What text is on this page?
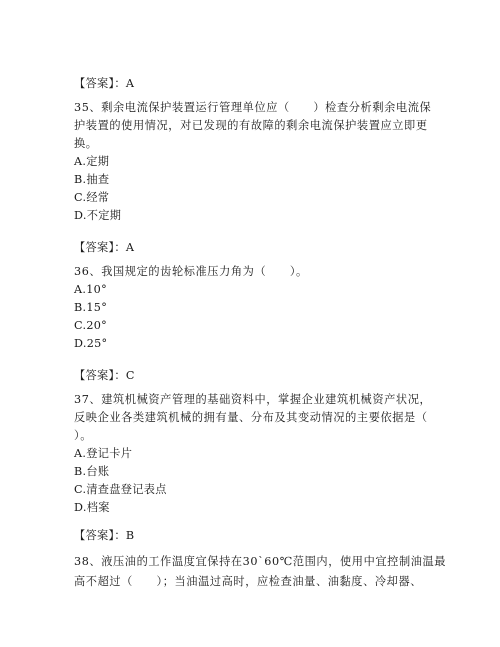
【答案】：A
35、剩余电流保护装置运行管理单位应（　　）检查分析剩余电流保
护装置的使用情况，对已发现的有故障的剩余电流保护装置应立即更
换。
A.定期
B.抽查
C.经常
D.不定期
【答案】：A
36、我国规定的齿轮标准压力角为（　　）。
A.10°
B.15°
C.20°
D.25°
【答案】：C
37、建筑机械资产管理的基础资料中，掌握企业建筑机械资产状况，
反映企业各类建筑机械的拥有量、分布及其变动情况的主要依据是（
）。
A.登记卡片
B.台账
C.清查盘登记表点
D.档案
【答案】：B
38、液压油的工作温度宜保持在30`60℃范围内，使用中宜控制油温最
高不超过（　　）；当油温过高时，应检查油量、油黏度、冷却器、
